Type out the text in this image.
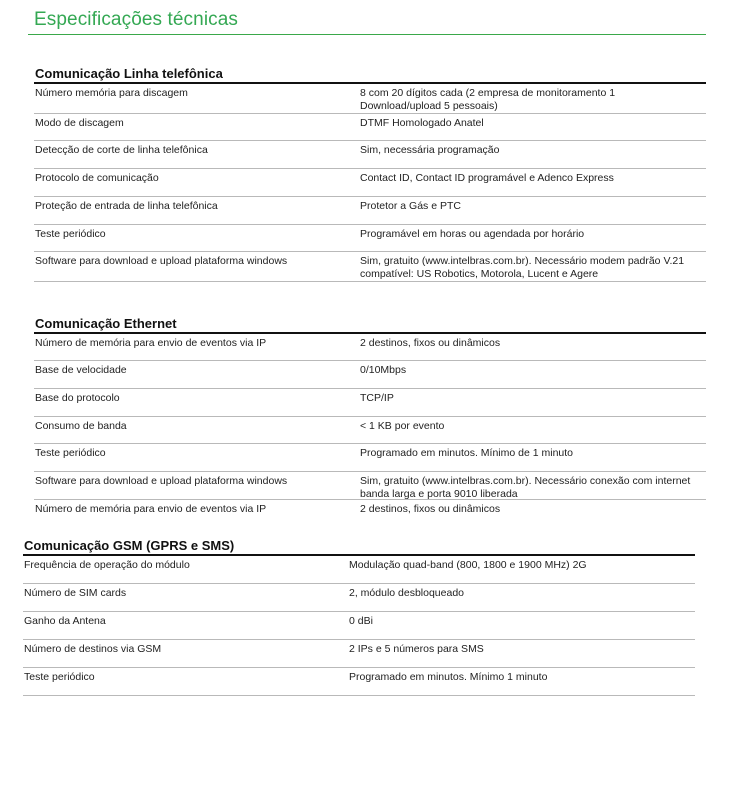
Especificações técnicas
Comunicação Linha telefônica
Número memória para discagem	8 com 20 dígitos cada (2 empresa de monitoramento 1 Download/upload 5 pessoais)
Modo de discagem	DTMF Homologado Anatel
Detecção de corte de linha telefônica	Sim, necessária programação
Protocolo de comunicação	Contact ID, Contact ID programável e Adenco Express
Proteção de entrada de linha telefônica	Protetor a Gás e PTC
Teste periódico	Programável em horas ou agendada por horário
Software para download e upload plataforma windows	Sim, gratuito (www.intelbras.com.br). Necessário modem padrão V.21 compatível: US Robotics, Motorola, Lucent e Agere
Comunicação Ethernet
Número de memória para envio de eventos via IP	2 destinos, fixos ou dinâmicos
Base de velocidade	0/10Mbps
Base do protocolo	TCP/IP
Consumo de banda	< 1 KB por evento
Teste periódico	Programado em minutos. Mínimo de 1 minuto
Software para download e upload plataforma windows	Sim, gratuito (www.intelbras.com.br). Necessário conexão com internet banda larga e porta 9010 liberada
Número de memória para envio de eventos via IP	2 destinos, fixos ou dinâmicos
Comunicação GSM (GPRS e SMS)
Frequência de operação do módulo	Modulação quad-band (800, 1800 e 1900 MHz) 2G
Número de SIM cards	2, módulo desbloqueado
Ganho da Antena	0 dBi
Número de destinos via GSM	2 IPs e 5 números para SMS
Teste periódico	Programado em minutos. Mínimo 1 minuto
